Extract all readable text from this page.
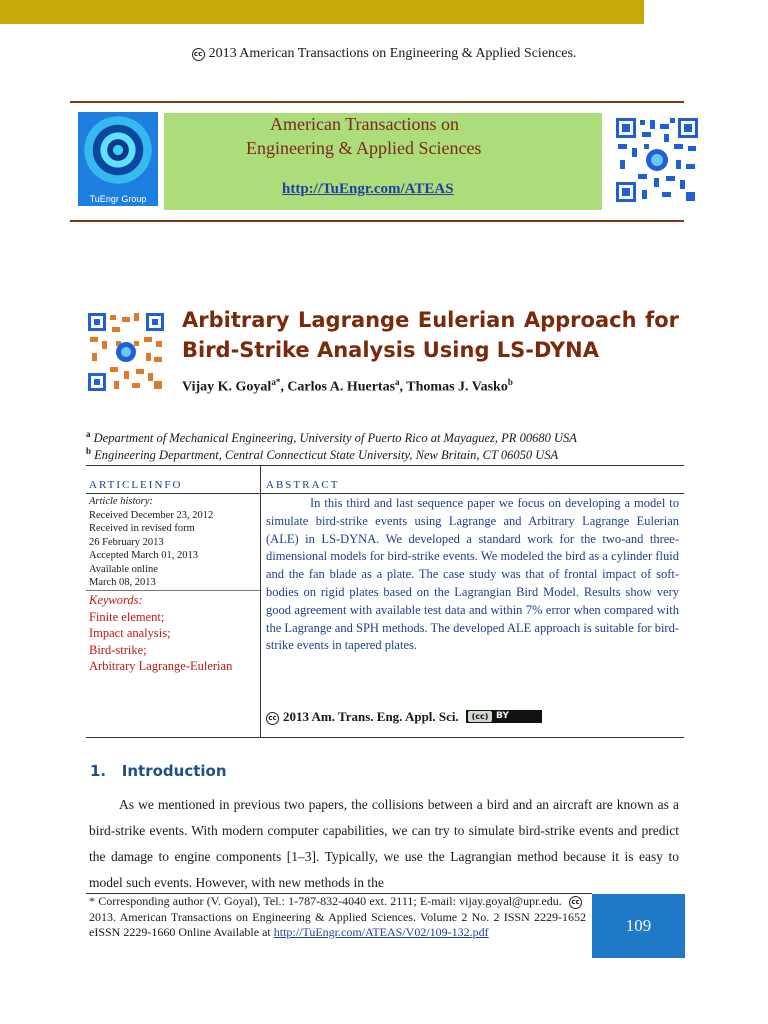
cc 2013 American Transactions on Engineering & Applied Sciences.
TuEngr Group
American Transactions on
Engineering & Applied Sciences
http://TuEngr.com/ATEAS
Arbitrary Lagrange Eulerian Approach for Bird-Strike Analysis Using LS-DYNA
Vijay K. Goyal$^{a*}$, Carlos A. Huertas$^a$, Thomas J. Vasko$^b$
$^a$ Department of Mechanical Engineering, University of Puerto Rico at Mayaguez, PR 00680 USA
$^b$ Engineering Department, Central Connecticut State University, New Britain, CT 06050 USA
ARTICLEINFO	ABSTRACT
Article history:
Received December 23, 2012
Received in revised form
26 February 2013
Accepted March 01, 2013
Available online
March 08, 2013
Keywords:
Finite element;
Impact analysis;
Bird-strike;
Arbitrary Lagrange-Eulerian
In this third and last sequence paper we focus on developing a model to simulate bird-strike events using Lagrange and Arbitrary Lagrange Eulerian (ALE) in LS-DYNA. We developed a standard work for the two-and three-dimensional models for bird-strike events. We modeled the bird as a cylinder fluid and the fan blade as a plate. The case study was that of frontal impact of soft-bodies on rigid plates based on the Lagrangian Bird Model. Results show very good agreement with available test data and within 7% error when compared with the Lagrange and SPH methods. The developed ALE approach is suitable for bird-strike events in tapered plates.
cc 2013 Am. Trans. Eng. Appl. Sci.	(cc) BY
1.   Introduction
As we mentioned in previous two papers, the collisions between a bird and an aircraft are known as a bird-strike events. With modern computer capabilities, we can try to simulate bird-strike events and predict the damage to engine components [1–3]. Typically, we use the Lagrangian method because it is easy to model such events. However, with new methods in the
* Corresponding author (V. Goyal), Tel.: 1-787-832-4040 ext. 2111; E-mail: vijay.goyal@upr.edu. cc2013. American Transactions on Engineering & Applied Sciences. Volume 2 No. 2 ISSN 2229-1652 eISSN 2229-1660 Online Available at http://TuEngr.com/ATEAS/V02/109-132.pdf	109
